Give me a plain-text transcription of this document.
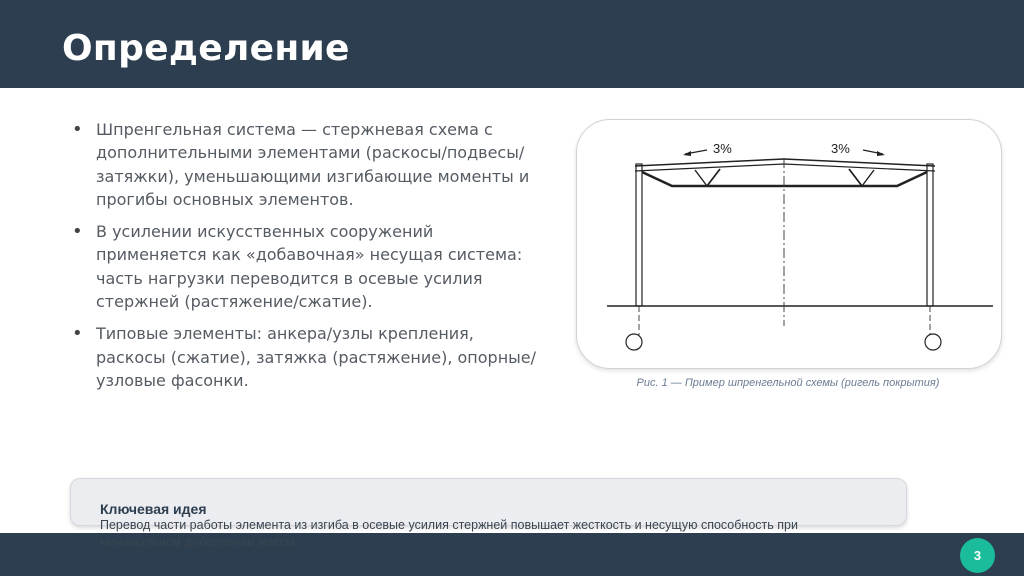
Определение
• Шпренгельная система — стержневая схема с дополнительными элементами (раскосы/подвесы/затяжки), уменьшающими изгибающие моменты и прогибы основных элементов.
• В усилении искусственных сооружений применяется как «добавочная» несущая система: часть нагрузки переводится в осевые усилия стержней (растяжение/сжатие).
• Типовые элементы: анкера/узлы крепления, раскосы (сжатие), затяжка (растяжение), опорные/узловые фасонки.
3%	3%
Рис. 1 — Пример шпренгельной схемы (ригель покрытия)
Ключевая идея
Перевод части работы элемента из изгиба в осевые усилия стержней повышает жесткость и несущую способность при минимальном добавлении массы.
3
